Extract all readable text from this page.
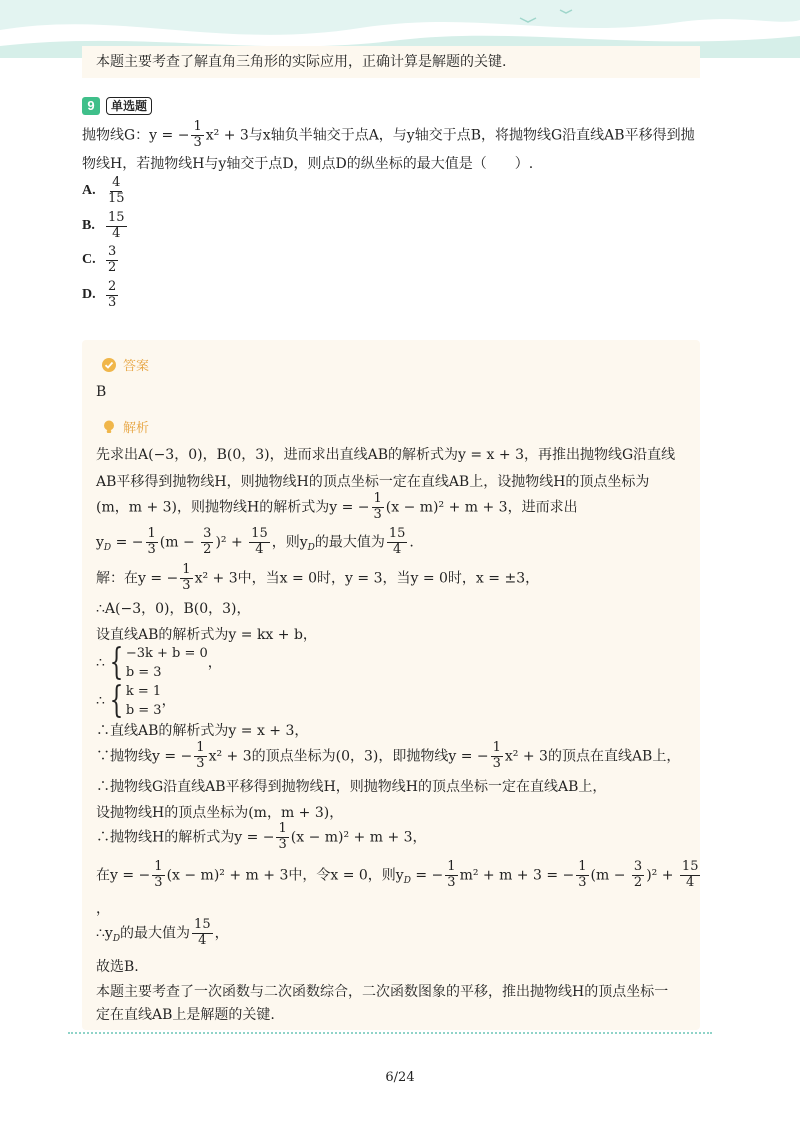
本题主要考查了解直角三角形的实际应用，正确计算是解题的关键.
9	单选题
抛物线G：y = − $\frac{1}{3} x^2 + 3$与x轴负半轴交于点A，与y轴交于点B，将抛物线G沿直线AB平移得到抛
物线H，若抛物线H与y轴交于点D，则点D的纵坐标的最大值是（　　）.
A. $\frac{4}{15}$
B. $\frac{15}{4}$
C. $\frac{3}{2}$
D. $\frac{2}{3}$
答案
B
解析
先求出A(−3，0)，B(0，3)，进而求出直线AB的解析式为y = x + 3，再推出抛物线G沿直线
AB平移得到抛物线H，则抛物线H的顶点坐标一定在直线AB上，设抛物线H的顶点坐标为
(m，m + 3)，则抛物线H的解析式为y = − $\frac{1}{3} (x - m)^2 + m + 3$，进而求出
$y_D$ = − $\frac{1}{3} (m - \frac{3}{2} )^2 + \frac{15}{4}$ ，则$y_D$的最大值为 $\frac{15}{4}$ .
解：在y = − $\frac{1}{3} x^2 + 3$中，当x = 0时，y = 3，当y = 0时，x = ±3，
∴A(−3，0)，B(0，3)，
设直线AB的解析式为y = kx + b，
∴ { −3k + b = 0
b = 3
，
∴ { k = 1
b = 3
，
∴直线AB的解析式为y = x + 3，
∵抛物线y = − $\frac{1}{3} x^2 + 3$的顶点坐标为(0，3)，即抛物线y = − $\frac{1}{3} x^2 + 3$的顶点在直线AB上，
∴抛物线G沿直线AB平移得到抛物线H，则抛物线H的顶点坐标一定在直线AB上，
设抛物线H的顶点坐标为(m，m + 3)，
∴抛物线H的解析式为y = − $\frac{1}{3} (x - m)^2 + m + 3$，
在y = − $\frac{1}{3} (x - m)^2 + m + 3$中，令x = 0，则$y_D$ = − $\frac{1}{3} m^2 + m + 3$ = − $\frac{1}{3} (m - \frac{3}{2} )^2 + \frac{15}{4}$
，
$\therefore y_D$的最大值为 $\frac{15}{4}$ ，
故选B.
本题主要考查了一次函数与二次函数综合，二次函数图象的平移，推出抛物线H的顶点坐标一
定在直线AB上是解题的关键.
6/24
